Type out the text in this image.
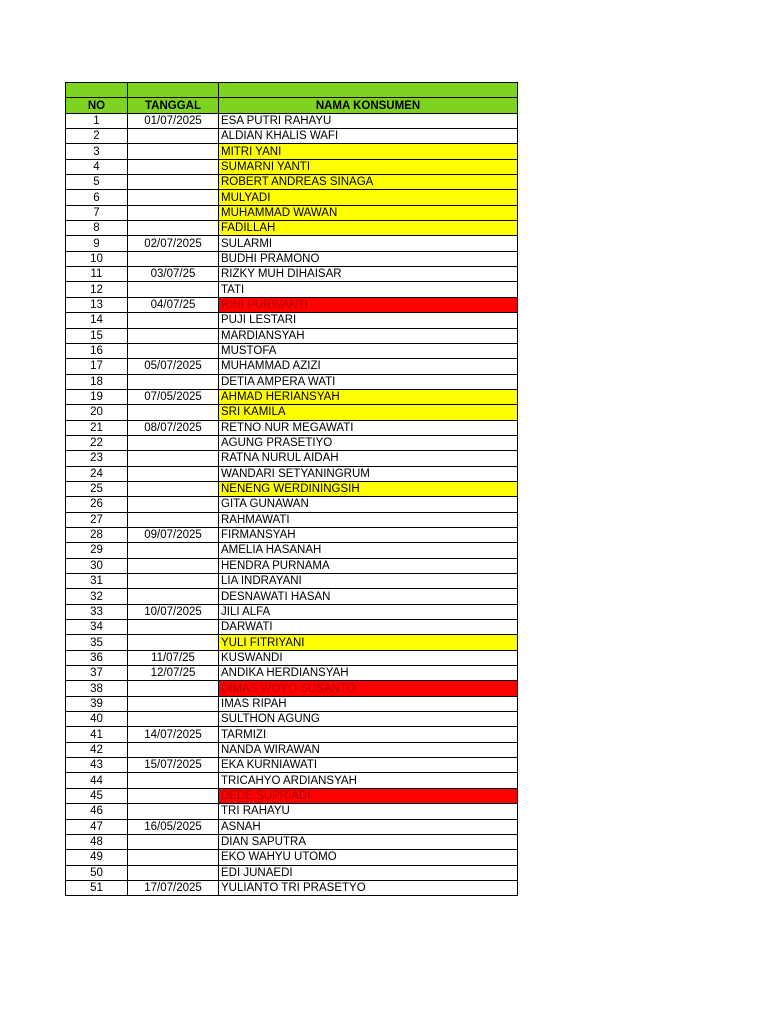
NO	TANGGAL	NAMA KONSUMEN
1	01/07/2025	ESA PUTRI RAHAYU
2		ALDIAN KHALIS WAFI
3		MITRI YANI
4		SUMARNI YANTI
5		ROBERT ANDREAS SINAGA
6		MULYADI
7		MUHAMMAD WAWAN
8		FADILLAH
9	02/07/2025	SULARMI
10		BUDHI PRAMONO
11	03/07/25	RIZKY MUH DIHAISAR
12		TATI
13	04/07/25	RINI PURWANTI
14		PUJI LESTARI
15		MARDIANSYAH
16		MUSTOFA
17	05/07/2025	MUHAMMAD AZIZI
18		DETIA AMPERA WATI
19	07/05/2025	AHMAD HERIANSYAH
20		SRI KAMILA
21	08/07/2025	RETNO NUR MEGAWATI
22		AGUNG PRASETIYO
23		RATNA NURUL AIDAH
24		WANDARI SETYANINGRUM
25		NENENG WERDININGSIH
26		GITA GUNAWAN
27		RAHMAWATI
28	09/07/2025	FIRMANSYAH
29		AMELIA HASANAH
30		HENDRA PURNAMA
31		LIA INDRAYANI
32		DESNAWATI HASAN
33	10/07/2025	JILI ALFA
34		DARWATI
35		YULI FITRIYANI
36	11/07/25	KUSWANDI
37	12/07/25	ANDIKA HERDIANSYAH
38		DIMAS WOYO SUSANTO
39		IMAS RIPAH
40		SULTHON AGUNG
41	14/07/2025	TARMIZI
42		NANDA WIRAWAN
43	15/07/2025	EKA KURNIAWATI
44		TRICAHYO ARDIANSYAH
45		DEDE SUPRIADI
46		TRI RAHAYU
47	16/05/2025	ASNAH
48		DIAN SAPUTRA
49		EKO WAHYU UTOMO
50		EDI JUNAEDI
51	17/07/2025	YULIANTO TRI PRASETYO
